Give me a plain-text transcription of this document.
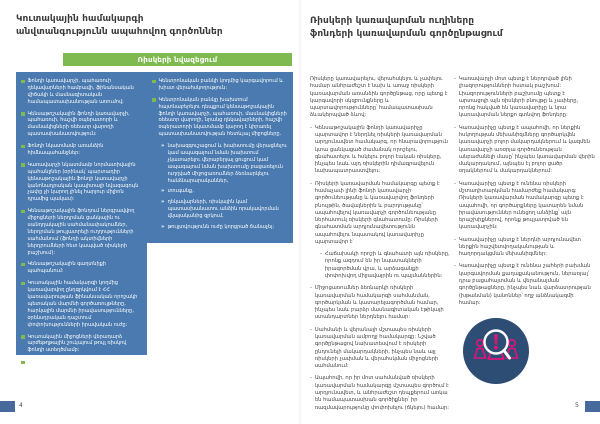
Կուտակային համակարգի
անվտանգությունն ապահովող գործոններ
Ռիսկերի նվազեցում
Ֆոնդի կառավարչի, պահառուի ղեկավարների համբավի, ֆինանսական վիճակի և մասնագիտական համապատասխանության առումով:
Կենսաթոշակային ֆոնդի կառավարչի, պահառուի, հաշվի օպերատորի և մասնակիցների ռեեստր վարողի պատասխանատվություն:
Ֆոնդի նկատմամբ առանձին հիմնապահանջներ:
Կառավարչի նկատմամբ նորմատիվային պահանջներ (օրինակ՝ պարտադիր կենսաթոշակային ֆոնդի կառավարչի կանոնադրական կապիտալի նվազագույն չափը չի կարող լինել հարյուր միլիոն դրամից պակաս):
Կենսաթոշակային ֆոնդում ներգրավվող միջոցների ներդրման ցանկային ու սանդղակային սահմանափակումներ, ներդրման թույլատրելի ուղղությունների սահմանում (ֆոնդի ակտիվների ներդրումների հետ կապված ռիսկերի բաշխում):
Կենսաթոշակային գաղտնիքի պահպանում:
Կուտակային համակարգի կողմից կառավարվող ընդգրկվում է ՀՀ կառավարության ֆինանսական որոշակի պետական մարմնի գործառույթները, հարկային մարմնի իրավասությունները, օրենսդրական դաշտում փոփոխությունների իրավական ուժը:
Կուտակային միջոցների վերադարձ արժեթղթային շուկայում թույլ ռիսկով ֆոնդի ստեղծմամբ:
Պետական աջակցությունը սոցիալական վճարները վկայարկելու կամ ուղղումով կատարելու համար:
Կենտրոնական բանկի կողմից կարգավորում և խիստ վերահսկողություն:
Կենտրոնական բանկը խախտում հայտնաբերելու դեպքում կենսաթոշակային ֆոնդի կառավարչի, պահառուի, մասնակիցների ռեեստր վարողի, նրանց ղեկավարների, հաշվի օպերատորի նկատմամբ կարող է կիրառել պատասխանատվության հետևյալ միջոցները.
» նախազգուշացում և խախտումը վերացնելու կամ ապագայում նման խախտում չկատարելու վերաբերյալ ցուցում կամ ապագայում նման խախտումը բացառելուն ուղղված միջոցառումներ ձեռնարկելու հանձնարարականներ,
» տուգանք,
» ղեկավարների, ռիսկային կամ պատասխանատու անձին որակավորման վկայականից զրկում,
» թույլտվությունն ուժը կորցրած ճանաչել:
4
Ռիսկերի կառավարման ուղիները
ֆոնդերի կառավարման գործընթացում
Ռիսկերը կառավարելու, վերահսկելու և չափելու համար անհրաժեշտ է նախ և առաջ ռիսկերի կառավարման առանձին գործընթաց, որը պետք է կարգավորի սկզբունքները և պարտավորությունները՝ համապատասխան ձևակերպված ձևով:
- Կենսաթոշակային ֆոնդի կառավարիչը պարտավոր է ներդնել ռիսկերի կառավարման արդյունավետ համակարգ, որ հնարավորություն կտա ցանկացած ժամանակ որոշելու, գնահատելու և հսկելու բոլոր էական ռիսկերը, ինչպես նաև այդ ռիսկերին դիմագրավելուն նախապատրաստվելու:
- Ռիսկերի կառավարման համակարգը պետք է համաչափ լինի ֆոնդի կառավարչի գործունեությանը և կառավարվող ֆոնդերի բնույթին, ծավալներին և բարդությանը՝ ապահովելով կառավարչի գործունեությանը ներհատուկ ռիսկերի գնահատումը: Ռիսկերի գնահատման արդյունավետությունն ապահովելու նպատակով կառավարիչը պարտավոր է՝
- Հաճախակի որոշի և գնահատի այն ռիսկերը, որոնք ազդում են իր նպատակների իրագործման վրա, և արձագանքի փոփոխվող միջավայրին ու պայմաններին:
- Միջոցառումներ ձեռնարկի ռիսկերի կառավարման համակարգի սահմանման, գործարկման և կատարելագործման համար, ինչպես նաև բարձր մասնագիտական էթիկայի ստանդարտներ ներդնելու համար:
- Սահմանի և վերանայի մշտապես ռիսկերի կառավարման ամբողջ համակարգը: Նշված գործընթացով նախատեսվում է ռիսկերի ընդունելի մակարդակների, ինչպես նաև այլ ռիսկերի չափման և վերահսկման միջոցների սահմանում:
- Ապահովի, որ իր մոտ սահմանված ռիսկերի կառավարման համակարգը մշտապես գործում է արդյունավետ, և անհրաժեշտ դեպքերում առկա են համապատասխան գործիքներ՝ իր ռազմավարությունը փոփոխելու (ճկելու) համար:
- Կառավարչի մոտ պետք է ներդրված լինի լիազորությունների հստակ բաշխում: Լիազորությունների բաշխումը պետք է արտացոլի այն ռիսկերի բնույթը և չափերը, որոնց հակված են կառավարիչը և նրա կառավարման ներքո գտնվող ֆոնդերը:
- Կառավարիչը պետք է ապահովի, որ ներքին հսկողության մեխանիզմները գործարկվեն կառավարչի բոլոր մակարդակներում և կազմեն կառավարչի առօրյա գործունեության անբաժանելի մասը՝ ինչպես կառավարման վերին մակարդակում, այնպես էլ բոլոր ցածր օղակներում և մակարդակներում:
- Կառավարիչը պետք է ունենա ռիսկերի մշտադիտարկման համարժեք համակարգ: Ռիսկերի կառավարման համակարգը պետք է ապահովի, որ գործարքները կատարեն նման իրավասություններ ունեցող անձինք՝ այն երաշխիքներով, որոնք թույլատրված են կառավարչին:
- Կառավարիչը պետք է ներդնի արդյունավետ ներքին հաշվետվողականության և հաղորդակցման մեխանիզմներ:
- Կառավարիչը պետք է ունենա շահերի բախման կարգավորման քաղաքականություն, ներառյալ՝ դրա բացահայտման և վերանայման գործընթացները, ինչպես նաև վարձատրության (խթանման) կանոններ՝ ողջ անձնակազմի համար:
5
